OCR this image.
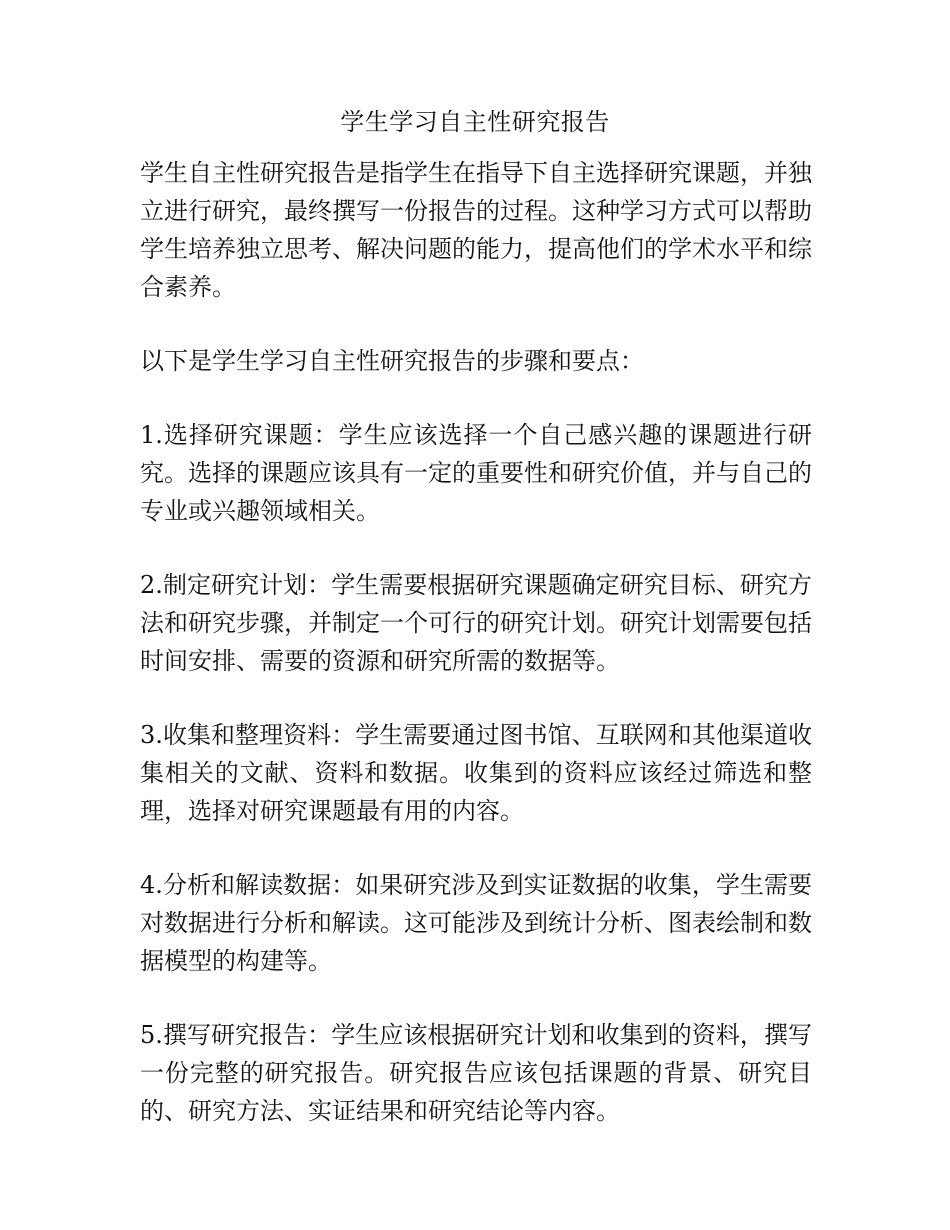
学生学习自主性研究报告

学生自主性研究报告是指学生在指导下自主选择研究课题，并独立进行研究，最终撰写一份报告的过程。这种学习方式可以帮助学生培养独立思考、解决问题的能力，提高他们的学术水平和综合素养。

以下是学生学习自主性研究报告的步骤和要点：

1.选择研究课题：学生应该选择一个自己感兴趣的课题进行研究。选择的课题应该具有一定的重要性和研究价值，并与自己的专业或兴趣领域相关。

2.制定研究计划：学生需要根据研究课题确定研究目标、研究方法和研究步骤，并制定一个可行的研究计划。研究计划需要包括时间安排、需要的资源和研究所需的数据等。

3.收集和整理资料：学生需要通过图书馆、互联网和其他渠道收集相关的文献、资料和数据。收集到的资料应该经过筛选和整理，选择对研究课题最有用的内容。

4.分析和解读数据：如果研究涉及到实证数据的收集，学生需要对数据进行分析和解读。这可能涉及到统计分析、图表绘制和数据模型的构建等。

5.撰写研究报告：学生应该根据研究计划和收集到的资料，撰写一份完整的研究报告。研究报告应该包括课题的背景、研究目的、研究方法、实证结果和研究结论等内容。
